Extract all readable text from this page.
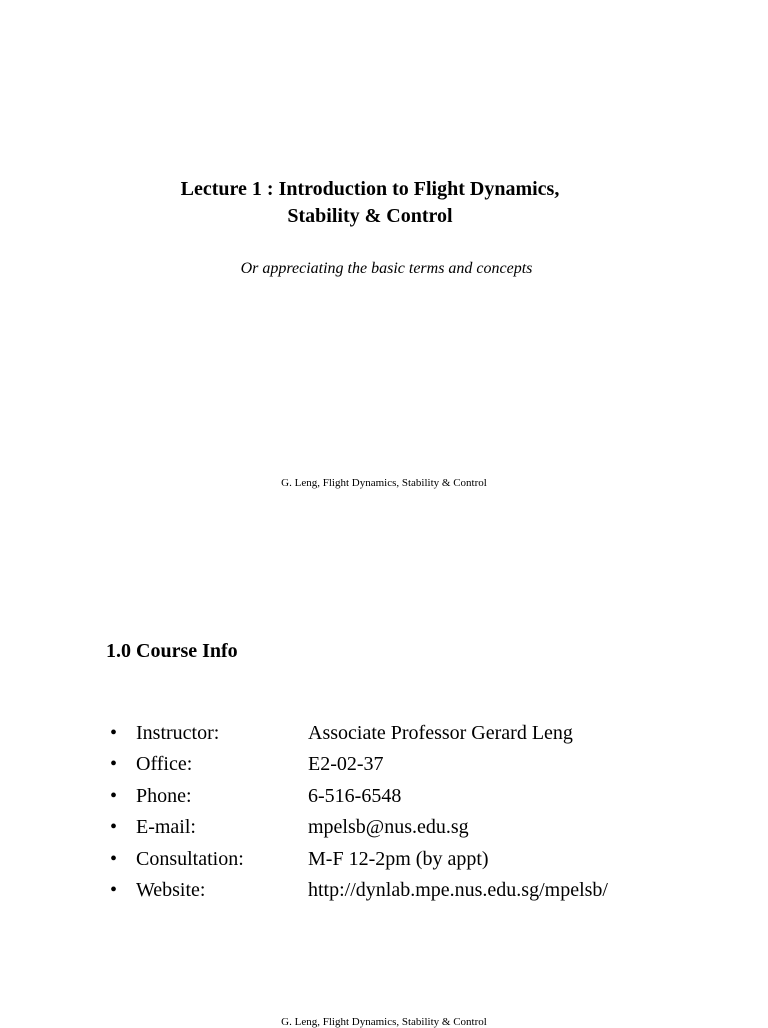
Lecture 1 : Introduction to Flight Dynamics,
Stability & Control
Or appreciating the basic terms and concepts
G. Leng, Flight Dynamics, Stability & Control
1.0 Course Info
• Instructor:	Associate Professor Gerard Leng
• Office:	E2-02-37
• Phone:	6-516-6548
• E-mail:	mpelsb@nus.edu.sg
• Consultation:	M-F 12-2pm (by appt)
• Website:	http://dynlab.mpe.nus.edu.sg/mpelsb/
G. Leng, Flight Dynamics, Stability & Control
